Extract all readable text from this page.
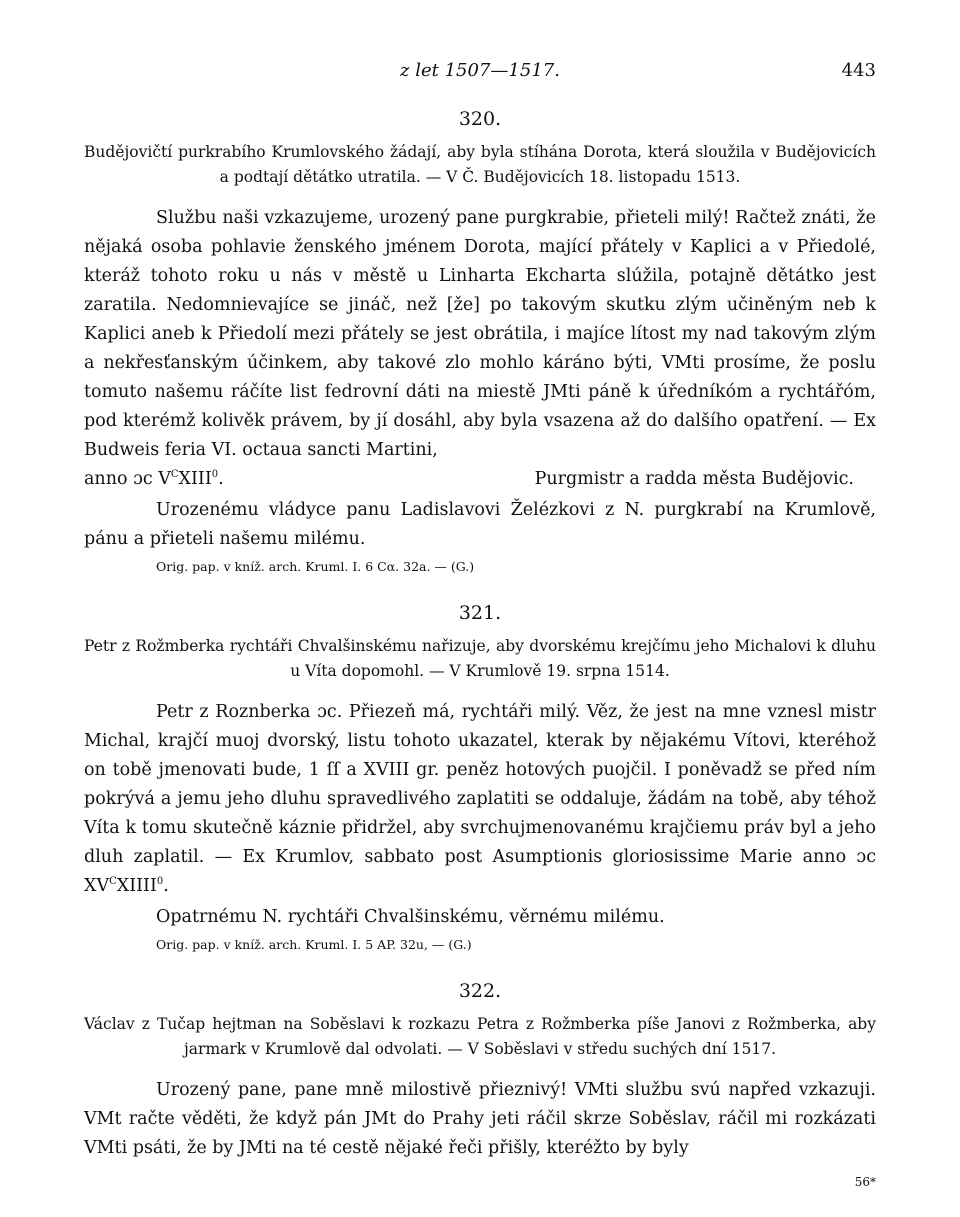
z let 1507—1517.	443
320.

Budějovičtí purkrabího Krumlovského žádají, aby byla stíhána Dorota, která sloužila v Budějovicích a podtají dětátko utratila. — V Č. Budějovicích 18. listopadu 1513.

Službu naši vzkazujeme, urozený pane purgkrabie, přieteli milý! Račtež znáti, že nějaká osoba pohlavie ženského jménem Dorota, mající přátely v Kaplici a v Přiedolé, kteráž tohoto roku u nás v městě u Linharta Ekcharta slúžila, potajně dětátko jest zaratila. Nedomnievajíce se jináč, než [že] po takovým skutku zlým učiněným neb k Kaplici aneb k Přiedolí mezi přátely se jest obrátila, i majíce lítost my nad takovým zlým a nekřesťanským účinkem, aby takové zlo mohlo káráno býti, VMti prosíme, že poslu tomuto našemu ráčíte list fedrovní dáti na miestě JMti páně k úředníkóm a rychtářóm, pod kterémž kolivěk právem, by jí dosáhl, aby byla vsazena až do dalšího opatření. — Ex Budweis feria VI. octaua sancti Martini,

anno ɔc $V^CXIII^0$.	Purgmistr a radda města Budějovic.

Urozenému vládyce panu Ladislavovi Želézkovi z N. purgkrabí na Krumlově, pánu a přieteli našemu milému.

Orig. pap. v kníž. arch. Kruml. I. 6 Cα. 32a. — (G.)
321.

Petr z Rožmberka rychtáři Chvalšinskému nařizuje, aby dvorskému krejčímu jeho Michalovi k dluhu u Víta dopomohl. — V Krumlově 19. srpna 1514.

Petr z Roznberka ɔc. Přiezeň má, rychtáři milý. Věz, že jest na mne vznesl mistr Michal, krajčí muoj dvorský, listu tohoto ukazatel, kterak by nějakému Vítovi, kteréhož on tobě jmenovati bude, 1 ſſ a XVIII gr. peněz hotových puojčil. I poněvadž se před ním pokrývá a jemu jeho dluhu spravedlivého zaplatiti se oddaluje, žádám na tobě, aby téhož Víta k tomu skutečně káznie přidržel, aby svrchujmenovanému krajčiemu práv byl a jeho dluh zaplatil. — Ex Krumlov, sabbato post Asumptionis gloriosissime Marie anno ɔc $XV^CXIIII^0$.

Opatrnému N. rychtáři Chvalšinskému, věrnému milému.

Orig. pap. v kníž. arch. Kruml. I. 5 AP. 32u, — (G.)
322.

Václav z Tučap hejtman na Soběslavi k rozkazu Petra z Rožmberka píše Janovi z Rožmberka, aby jarmark v Krumlově dal odvolati. — V Soběslavi v středu suchých dní 1517.

Urozený pane, pane mně milostivě přieznivý! VMti službu svú napřed vzkazuji. VMt račte věděti, že když pán JMt do Prahy jeti ráčil skrze Soběslav, ráčil mi rozkázati VMti psáti, že by JMti na té cestě nějaké řeči přišly, kteréžto by byly

56*
